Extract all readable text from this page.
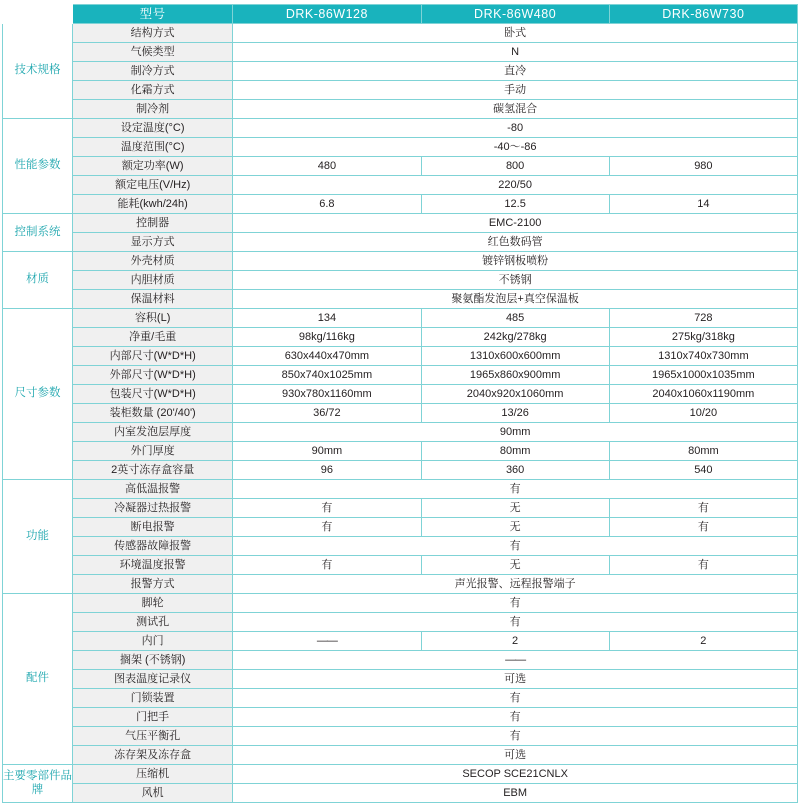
	型号	DRK-86W128	DRK-86W480	DRK-86W730
技术规格	结构方式	卧式		
	气候类型	N		
	制冷方式	直冷		
	化霜方式	手动		
	制冷剂	碳氢混合		
性能参数	设定温度(°C)	-80		
	温度范围(°C)	-40〜-86		
	额定功率(W)	480	800	980
	额定电压(V/Hz)	220/50		
	能耗(kwh/24h)	6.8	12.5	14
控制系统	控制器	EMC-2100		
	显示方式	红色数码管		
材质	外壳材质	镀锌钢板喷粉		
	内胆材质	不锈钢		
	保温材料	聚氨酯发泡层+真空保温板		
尺寸参数	容积(L)	134	485	728
	净重/毛重	98kg/116kg	242kg/278kg	275kg/318kg
	内部尺寸(W*D*H)	630x440x470mm	1310x600x600mm	1310x740x730mm
	外部尺寸(W*D*H)	850x740x1025mm	1965x860x900mm	1965x1000x1035mm
	包装尺寸(W*D*H)	930x780x1160mm	2040x920x1060mm	2040x1060x1190mm
	装柜数量 (20'/40')	36/72	13/26	10/20
	内室发泡层厚度	90mm		
	外门厚度	90mm	80mm	80mm
	2英寸冻存盒容量	96	360	540
功能	高低温报警	有		
	冷凝器过热报警	有	无	有
	断电报警	有	无	有
	传感器故障报警	有		
	环境温度报警	有	无	有
	报警方式	声光报警、远程报警端子		
配件	脚轮	有		
	测试孔	有		
	内门	——	2	2
	搁架 (不锈钢)	——		
	图表温度记录仪	可选		
	门锁装置	有		
	门把手	有		
	气压平衡孔	有		
	冻存架及冻存盒	可选		
主要零部件品牌	压缩机	SECOP SCE21CNLX		
	风机	EBM		
